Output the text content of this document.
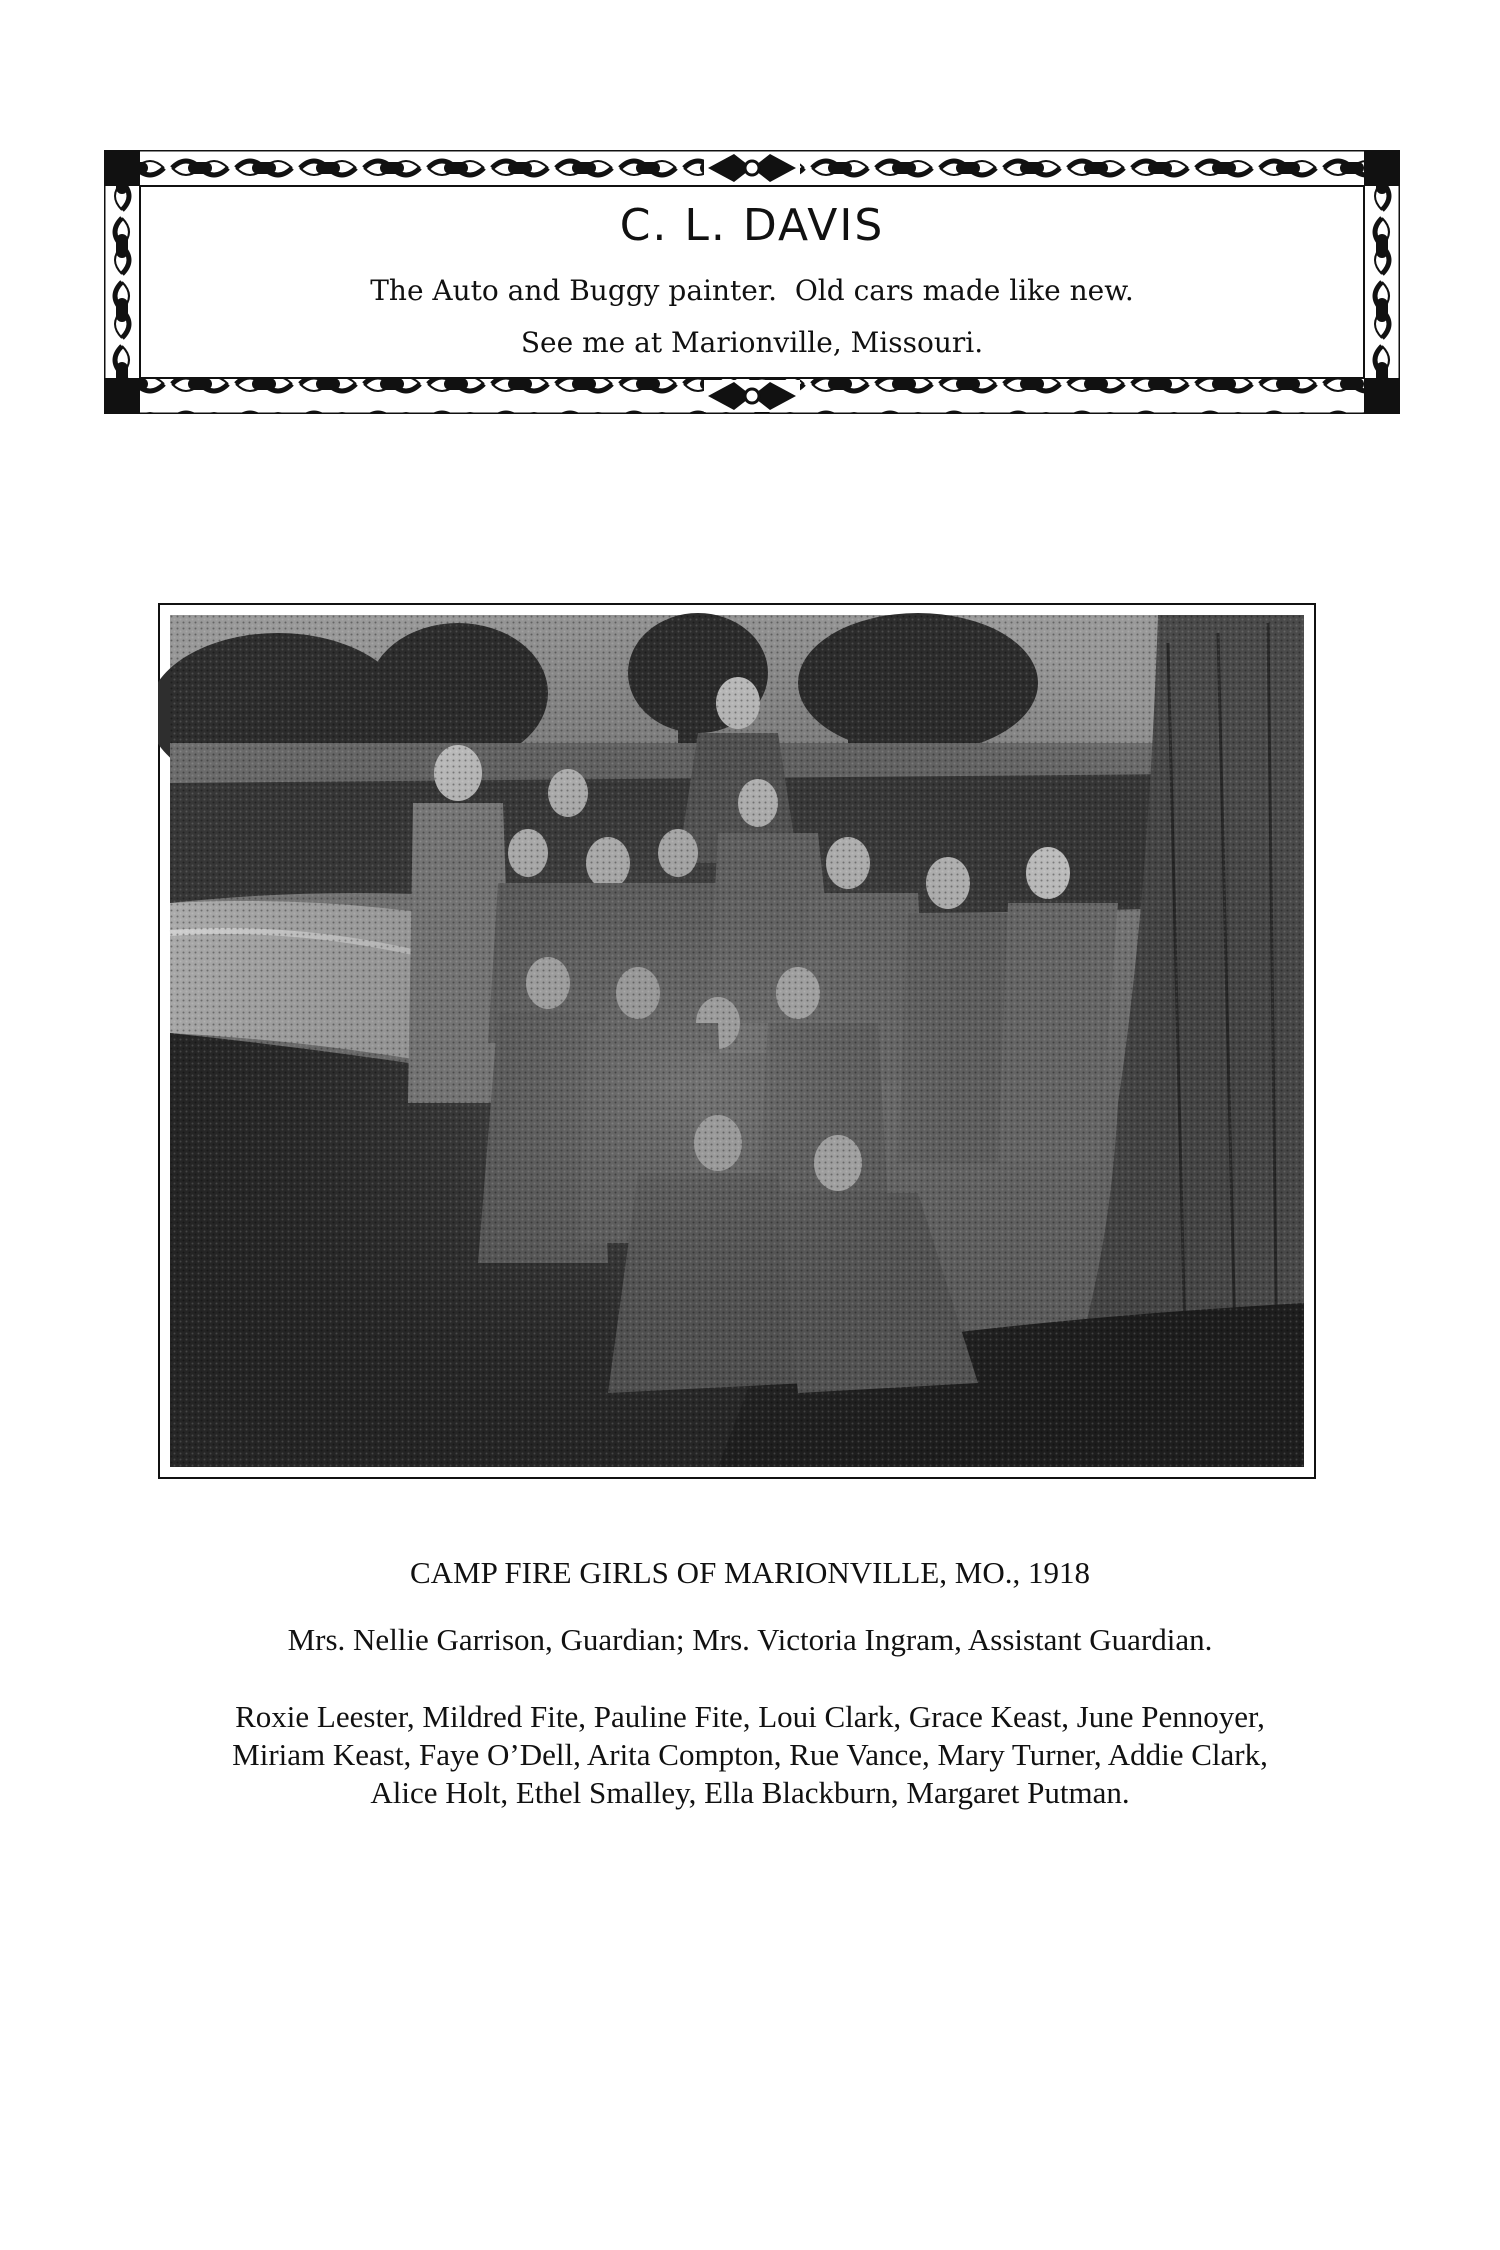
C. L. DAVIS
The Auto and Buggy painter.  Old cars made like new.
See me at Marionville, Missouri.
CAMP FIRE GIRLS OF MARIONVILLE, MO., 1918
Mrs. Nellie Garrison, Guardian; Mrs. Victoria Ingram, Assistant Guardian.
Roxie Leester, Mildred Fite, Pauline Fite, Loui Clark, Grace Keast, June Pennoyer,
Miriam Keast, Faye O’Dell, Arita Compton, Rue Vance, Mary Turner, Addie Clark,
Alice Holt, Ethel Smalley, Ella Blackburn, Margaret Putman.
